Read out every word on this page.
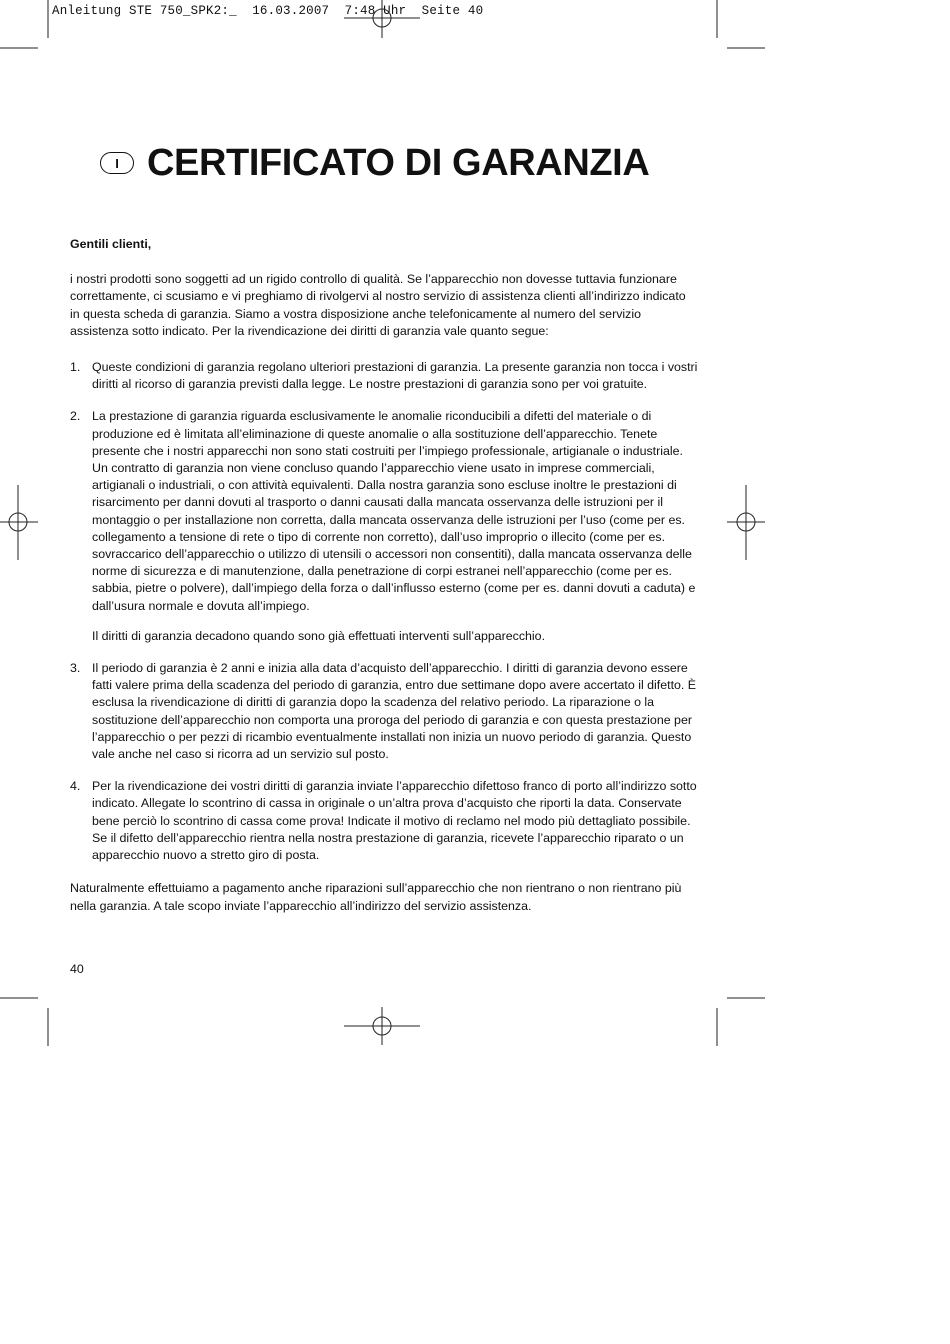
Anleitung STE 750_SPK2:_  16.03.2007  7:48 Uhr  Seite 40
I CERTIFICATO DI GARANZIA

Gentili clienti,

i nostri prodotti sono soggetti ad un rigido controllo di qualità. Se l’apparecchio non dovesse tuttavia funzionare correttamente, ci scusiamo e vi preghiamo di rivolgervi al nostro servizio di assistenza clienti all’indirizzo indicato in questa scheda di garanzia. Siamo a vostra disposizione anche telefonicamente al numero del servizio assistenza sotto indicato. Per la rivendicazione dei diritti di garanzia vale quanto segue:

1. Queste condizioni di garanzia regolano ulteriori prestazioni di garanzia. La presente garanzia non tocca i vostri diritti al ricorso di garanzia previsti dalla legge. Le nostre prestazioni di garanzia sono per voi gratuite.
2. La prestazione di garanzia riguarda esclusivamente le anomalie riconducibili a difetti del materiale o di produzione ed è limitata all’eliminazione di queste anomalie o alla sostituzione dell’apparecchio. Tenete presente che i nostri apparecchi non sono stati costruiti per l’impiego professionale, artigianale o industriale. Un contratto di garanzia non viene concluso quando l’apparecchio viene usato in imprese commerciali, artigianali o industriali, o con attività equivalenti. Dalla nostra garanzia sono escluse inoltre le prestazioni di risarcimento per danni dovuti al trasporto o danni causati dalla mancata osservanza delle istruzioni per il montaggio o per installazione non corretta, dalla mancata osservanza delle istruzioni per l’uso (come per es. collegamento a tensione di rete o tipo di corrente non corretto), dall’uso improprio o illecito (come per es. sovraccarico dell’apparecchio o utilizzo di utensili o accessori non consentiti), dalla mancata osservanza delle norme di sicurezza e di manutenzione, dalla penetrazione di corpi estranei nell’apparecchio (come per es. sabbia, pietre o polvere), dall’impiego della forza o dall’influsso esterno (come per es. danni dovuti a caduta) e dall’usura normale e dovuta all’impiego.
Il diritti di garanzia decadono quando sono già effettuati interventi sull’apparecchio.
3. Il periodo di garanzia è 2 anni e inizia alla data d’acquisto dell’apparecchio. I diritti di garanzia devono essere fatti valere prima della scadenza del periodo di garanzia, entro due settimane dopo avere accertato il difetto. È esclusa la rivendicazione di diritti di garanzia dopo la scadenza del relativo periodo. La riparazione o la sostituzione dell’apparecchio non comporta una proroga del periodo di garanzia e con questa prestazione per l’apparecchio o per pezzi di ricambio eventualmente installati non inizia un nuovo periodo di garanzia. Questo vale anche nel caso si ricorra ad un servizio sul posto.
4. Per la rivendicazione dei vostri diritti di garanzia inviate l’apparecchio difettoso franco di porto all’indirizzo sotto indicato. Allegate lo scontrino di cassa in originale o un’altra prova d’acquisto che riporti la data. Conservate bene perciò lo scontrino di cassa come prova! Indicate il motivo di reclamo nel modo più dettagliato possibile. Se il difetto dell’apparecchio rientra nella nostra prestazione di garanzia, ricevete l’apparecchio riparato o un apparecchio nuovo a stretto giro di posta.

Naturalmente effettuiamo a pagamento anche riparazioni sull’apparecchio che non rientrano o non rientrano più nella garanzia. A tale scopo inviate l’apparecchio all’indirizzo del servizio assistenza.

40
